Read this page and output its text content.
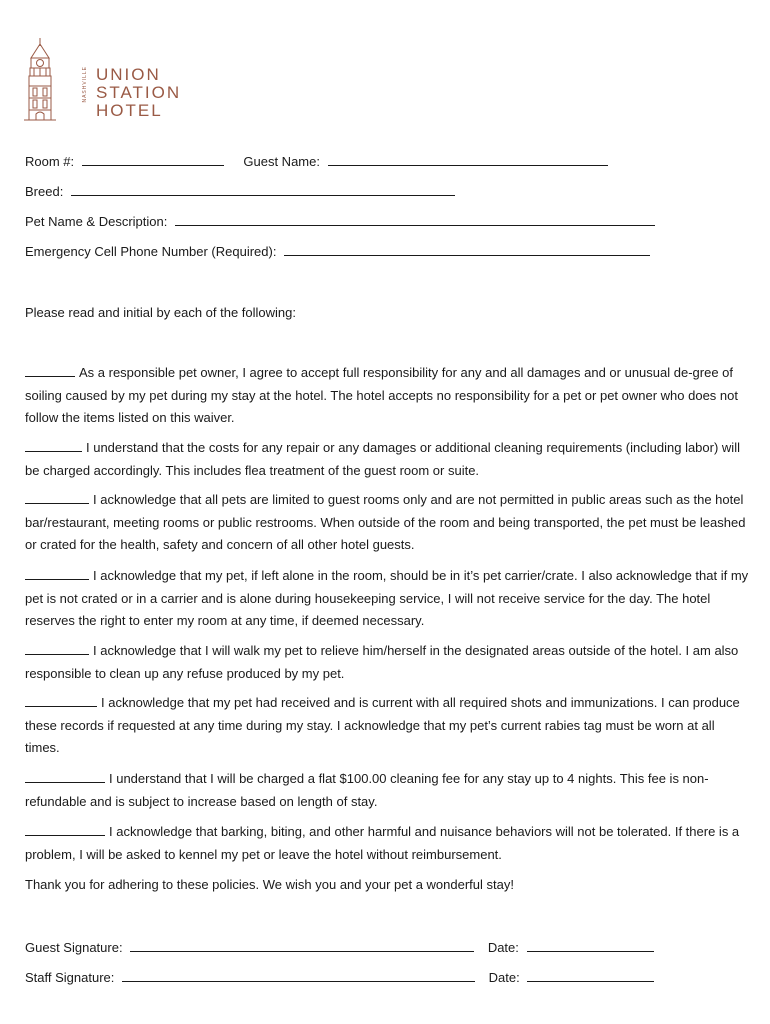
NASHVILLE UNION
STATION
HOTEL
Room #:	Guest Name:
Breed:
Pet Name & Description:
Emergency Cell Phone Number (Required):
Please read and initial by each of the following:
As a responsible pet owner, I agree to accept full responsibility for any and all damages and or unusual de-gree of soiling caused by my pet during my stay at the hotel. The hotel accepts no responsibility for a pet or pet owner who does not follow the items listed on this waiver.
I understand that the costs for any repair or any damages or additional cleaning requirements (including labor) will be charged accordingly. This includes flea treatment of the guest room or suite.
I acknowledge that all pets are limited to guest rooms only and are not permitted in public areas such as the hotel bar/restaurant, meeting rooms or public restrooms. When outside of the room and being transported, the pet must be leashed or crated for the health, safety and concern of all other hotel guests.
I acknowledge that my pet, if left alone in the room, should be in it’s pet carrier/crate. I also acknowledge that if my pet is not crated or in a carrier and is alone during housekeeping service, I will not receive service for the day. The hotel reserves the right to enter my room at any time, if deemed necessary.
I acknowledge that I will walk my pet to relieve him/herself in the designated areas outside of the hotel. I am also responsible to clean up any refuse produced by my pet.
I acknowledge that my pet had received and is current with all required shots and immunizations. I can produce these records if requested at any time during my stay. I acknowledge that my pet’s current rabies tag must be worn at all times.
I understand that I will be charged a flat $100.00 cleaning fee for any stay up to 4 nights. This fee is non-refundable and is subject to increase based on length of stay.
I acknowledge that barking, biting, and other harmful and nuisance behaviors will not be tolerated. If there is a problem, I will be asked to kennel my pet or leave the hotel without reimbursement.
Thank you for adhering to these policies. We wish you and your pet a wonderful stay!
Guest Signature:	Date:
Staff Signature:	Date:
